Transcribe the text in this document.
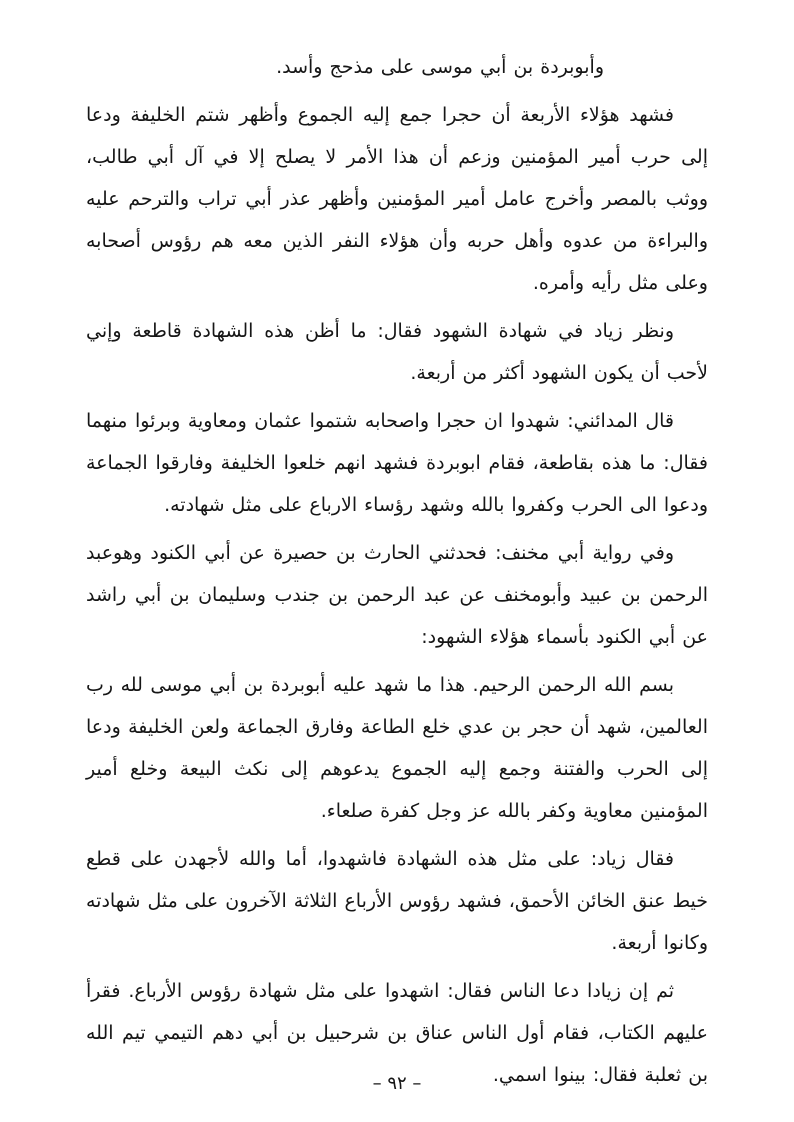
وأبوبردة بن أبي موسى على مذحج وأسد.

فشهد هؤلاء الأربعة أن حجرا جمع إليه الجموع وأظهر شتم الخليفة ودعا إلى حرب أمير المؤمنين وزعم أن هذا الأمر لا يصلح إلا في آل أبي طالب، ووثب بالمصر وأخرج عامل أمير المؤمنين وأظهر عذر أبي تراب والترحم عليه والبراءة من عدوه وأهل حربه وأن هؤلاء النفر الذين معه هم رؤوس أصحابه وعلى مثل رأيه وأمره.

ونظر زياد في شهادة الشهود فقال: ما أظن هذه الشهادة قاطعة وإني لأحب أن يكون الشهود أكثر من أربعة.

قال المدائني: شهدوا ان حجرا واصحابه شتموا عثمان ومعاوية وبرئوا منهما فقال: ما هذه بقاطعة، فقام ابوبردة فشهد انهم خلعوا الخليفة وفارقوا الجماعة ودعوا الى الحرب وكفروا بالله وشهد رؤساء الارباع على مثل شهادته.

وفي رواية أبي مخنف: فحدثني الحارث بن حصيرة عن أبي الكنود وهوعبد الرحمن بن عبيد وأبومخنف عن عبد الرحمن بن جندب وسليمان بن أبي راشد عن أبي الكنود بأسماء هؤلاء الشهود:

بسم الله الرحمن الرحيم. هذا ما شهد عليه أبوبردة بن أبي موسى لله رب العالمين، شهد أن حجر بن عدي خلع الطاعة وفارق الجماعة ولعن الخليفة ودعا إلى الحرب والفتنة وجمع إليه الجموع يدعوهم إلى نكث البيعة وخلع أمير المؤمنين معاوية وكفر بالله عز وجل كفرة صلعاء.

فقال زياد: على مثل هذه الشهادة فاشهدوا، أما والله لأجهدن على قطع خيط عنق الخائن الأحمق، فشهد رؤوس الأرباع الثلاثة الآخرون على مثل شهادته وكانوا أربعة.

ثم إن زيادا دعا الناس فقال: اشهدوا على مثل شهادة رؤوس الأرباع. فقرأ عليهم الكتاب، فقام أول الناس عناق بن شرحبيل بن أبي دهم التيمي تيم الله بن ثعلبة فقال: بينوا اسمي.

– ٩٢ –
